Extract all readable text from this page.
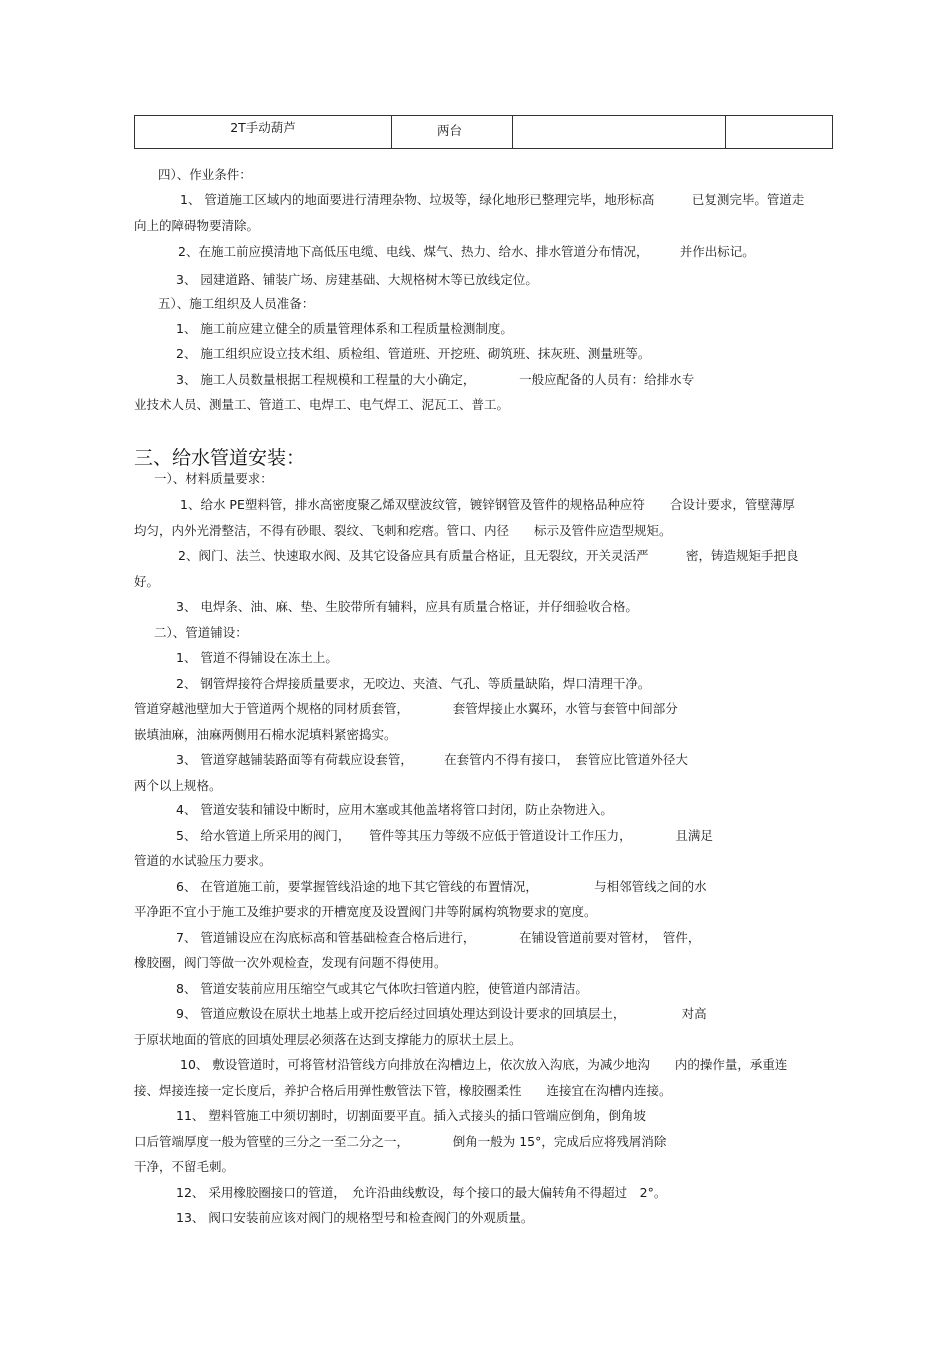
2T手动葫芦	两台		
四）、作业条件：
1、 管道施工区域内的地面要进行清理杂物、垃圾等，绿化地形已整理完毕，地形标高　　　已复测完毕。管道走
向上的障碍物要清除。
2、在施工前应摸清地下高低压电缆、电线、煤气、热力、给水、排水管道分布情况，　　　并作出标记。
3、 园建道路、铺装广场、房建基础、大规格树木等已放线定位。
五）、施工组织及人员准备：
1、 施工前应建立健全的质量管理体系和工程质量检测制度。
2、 施工组织应设立技术组、质检组、管道班、开挖班、砌筑班、抹灰班、测量班等。
3、 施工人员数量根据工程规模和工程量的大小确定，　　　　一般应配备的人员有：给排水专
业技术人员、测量工、管道工、电焊工、电气焊工、泥瓦工、普工。
一）、材料质量要求：
1、给水 PE塑料管，排水高密度聚乙烯双壁波纹管，镀锌钢管及管件的规格品种应符　　合设计要求，管壁薄厚
均匀，内外光滑整洁，不得有砂眼、裂纹、飞刺和疙瘩。管口、内径　　标示及管件应造型规矩。
2、阀门、法兰、快速取水阀、及其它设备应具有质量合格证，且无裂纹，开关灵活严　　　密，铸造规矩手把良
好。
3、 电焊条、油、麻、垫、生胶带所有辅料，应具有质量合格证，并仔细验收合格。
二）、管道铺设：
1、 管道不得铺设在冻土上。
2、 钢管焊接符合焊接质量要求，无咬边、夹渣、气孔、等质量缺陷，焊口清理干净。
管道穿越池壁加大于管道两个规格的同材质套管，　　　　套管焊接止水翼环，水管与套管中间部分
嵌填油麻，油麻两侧用石棉水泥填料紧密捣实。
3、 管道穿越铺装路面等有荷载应设套管，　　　在套管内不得有接口，　套管应比管道外径大
两个以上规格。
4、 管道安装和铺设中断时，应用木塞或其他盖堵将管口封闭，防止杂物进入。
5、 给水管道上所采用的阀门，　　管件等其压力等级不应低于管道设计工作压力，　　　　且满足
管道的水试验压力要求。
6、 在管道施工前，要掌握管线沿途的地下其它管线的布置情况，　　　　　与相邻管线之间的水
平净距不宜小于施工及维护要求的开槽宽度及设置阀门井等附属构筑物要求的宽度。
7、 管道铺设应在沟底标高和管基础检查合格后进行，　　　　在铺设管道前要对管材，　管件，
橡胶圈，阀门等做一次外观检查，发现有问题不得使用。
8、 管道安装前应用压缩空气或其它气体吹扫管道内腔，使管道内部清洁。
9、 管道应敷设在原状土地基上或开挖后经过回填处理达到设计要求的回填层土，　　　　　对高
于原状地面的管底的回填处理层必须落在达到支撑能力的原状土层上。
10、 敷设管道时，可将管材沿管线方向排放在沟槽边上，依次放入沟底，为减少地沟　　内的操作量，承重连
接、焊接连接一定长度后，养护合格后用弹性敷管法下管，橡胶圈柔性　　连接宜在沟槽内连接。
11、 塑料管施工中须切割时，切割面要平直。插入式接头的插口管端应倒角，倒角坡
口后管端厚度一般为管壁的三分之一至二分之一，　　　　倒角一般为 15°，完成后应将残屑消除
干净，不留毛刺。
12、 采用橡胶圈接口的管道，　允许沿曲线敷设，每个接口的最大偏转角不得超过　2°。
13、 阀口安装前应该对阀门的规格型号和检查阀门的外观质量。
三、给水管道安装：
